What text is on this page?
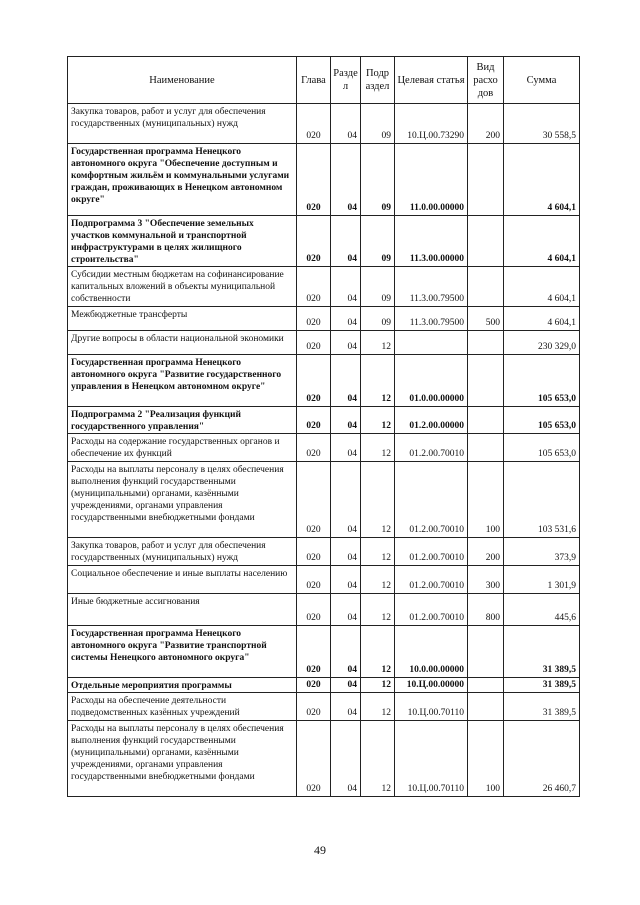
Наименование	Глава	Разде л	Подр аздел	Целевая статья	Вид расхо дов	Сумма
Закупка товаров, работ и услуг для обеспечения государственных (муниципальных) нужд	020	04	09	10.Ц.00.73290	200	30 558,5
Государственная программа Ненецкого автономного округа "Обеспечение доступным и комфортным жильём и коммунальными услугами граждан, проживающих в Ненецком автономном округе"	020	04	09	11.0.00.00000		4 604,1
Подпрограмма 3 "Обеспечение земельных участков коммунальной и транспортной инфраструктурами в целях жилищного строительства"	020	04	09	11.3.00.00000		4 604,1
Субсидии местным бюджетам на софинансирование капитальных вложений в объекты муниципальной собственности	020	04	09	11.3.00.79500		4 604,1
Межбюджетные трансферты	020	04	09	11.3.00.79500	500	4 604,1
Другие вопросы в области национальной экономики	020	04	12			230 329,0
Государственная программа Ненецкого автономного округа "Развитие государственного управления в Ненецком автономном округе"	020	04	12	01.0.00.00000		105 653,0
Подпрограмма 2 "Реализация функций государственного управления"	020	04	12	01.2.00.00000		105 653,0
Расходы на содержание государственных органов и обеспечение их функций	020	04	12	01.2.00.70010		105 653,0
Расходы на выплаты персоналу в целях обеспечения выполнения функций государственными (муниципальными) органами, казёнными учреждениями, органами управления государственными внебюджетными фондами	020	04	12	01.2.00.70010	100	103 531,6
Закупка товаров, работ и услуг для обеспечения государственных (муниципальных) нужд	020	04	12	01.2.00.70010	200	373,9
Социальное обеспечение и иные выплаты населению	020	04	12	01.2.00.70010	300	1 301,9
Иные бюджетные ассигнования	020	04	12	01.2.00.70010	800	445,6
Государственная программа Ненецкого автономного округа "Развитие транспортной системы Ненецкого автономного округа"	020	04	12	10.0.00.00000		31 389,5
Отдельные мероприятия программы	020	04	12	10.Ц.00.00000		31 389,5
Расходы на обеспечение деятельности подведомственных казённых учреждений	020	04	12	10.Ц.00.70110		31 389,5
Расходы на выплаты персоналу в целях обеспечения выполнения функций государственными (муниципальными) органами, казёнными учреждениями, органами управления государственными внебюджетными фондами	020	04	12	10.Ц.00.70110	100	26 460,7
49
